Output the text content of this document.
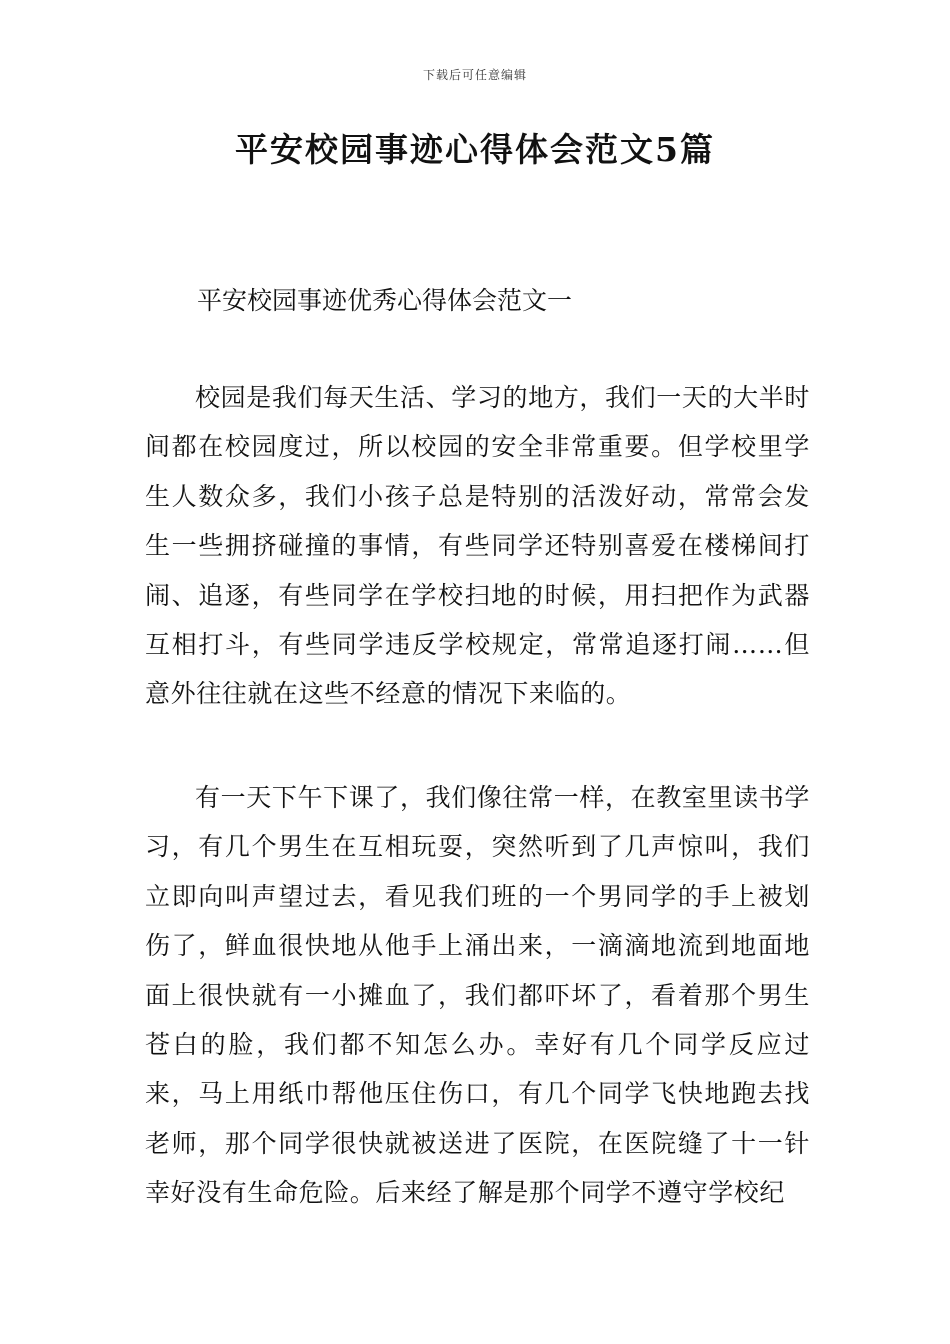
下载后可任意编辑
平安校园事迹心得体会范文5篇

平安校园事迹优秀心得体会范文一

校园是我们每天生活、学习的地方，我们一天的大半时间都在校园度过，所以校园的安全非常重要。但学校里学生人数众多，我们小孩子总是特别的活泼好动，常常会发生一些拥挤碰撞的事情，有些同学还特别喜爱在楼梯间打闹、追逐，有些同学在学校扫地的时候，用扫把作为武器互相打斗，有些同学违反学校规定，常常追逐打闹……但意外往往就在这些不经意的情况下来临的。

有一天下午下课了，我们像往常一样，在教室里读书学习，有几个男生在互相玩耍，突然听到了几声惊叫，我们立即向叫声望过去，看见我们班的一个男同学的手上被划伤了，鲜血很快地从他手上涌出来，一滴滴地流到地面地面上很快就有一小摊血了，我们都吓坏了，看着那个男生苍白的脸，我们都不知怎么办。幸好有几个同学反应过来，马上用纸巾帮他压住伤口，有几个同学飞快地跑去找老师，那个同学很快就被送进了医院，在医院缝了十一针幸好没有生命危险。后来经了解是那个同学不遵守学校纪
